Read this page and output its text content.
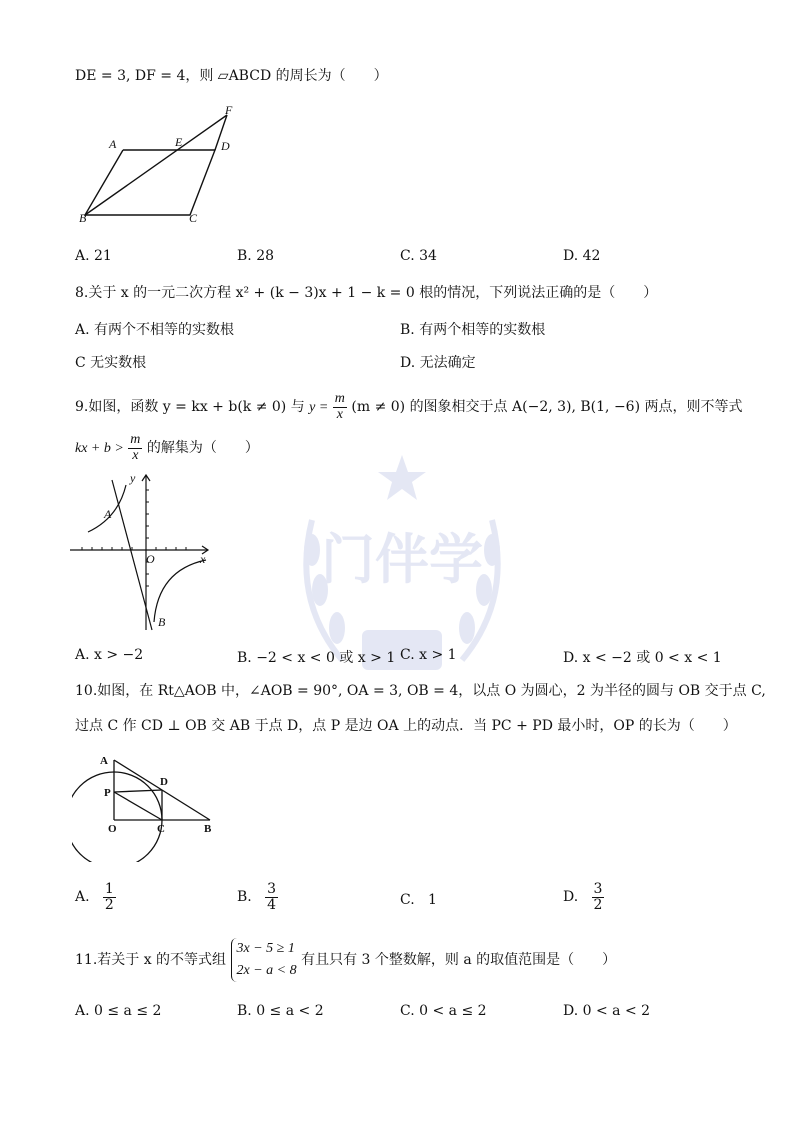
门伴学
DE = 3, DF = 4，则 ▱ABCD 的周长为（　　）
A	E
F
D
B	C
A. 21	B. 28	C. 34	D. 42
8.关于 x 的一元二次方程 x² + (k − 3)x + 1 − k = 0 根的情况，下列说法正确的是（　　）
A. 有两个不相等的实数根	B. 有两个相等的实数根
C 无实数根	D. 无法确定
9.如图，函数 y = kx + b(k ≠ 0) 与 $y = \frac{m}{x} (m \ne 0)$ 的图象相交于点 A(−2, 3), B(1, −6) 两点，则不等式
kx + $b > \frac{m}{x}$ 的解集为（　　）
y
A
O	x
B
A. x > −2	B. −2 < x < 0 或 x > 1 C. x > 1	D. x < −2 或 0 < x < 1
10.如图，在 Rt△AOB 中，∠AOB = 90°, OA = 3, OB = 4，以点 O 为圆心，2 为半径的圆与 OB 交于点 C,
过点 C 作 CD ⊥ OB 交 AB 于点 D，点 P 是边 OA 上的动点．当 PC + PD 最小时，OP 的长为（　　）
A
D
P
O	C	B
A. $\frac{1}{2}$	B. $\frac{3}{4}$	C. 1	D. $\frac{3}{2}$
11.若关于 x 的不等式组
3x − 5 ≥ 1
2x − a < 8
有且只有 3 个整数解，则 a 的取值范围是（　　）
A. 0 ≤ a ≤ 2	B. 0 ≤ a < 2	C. 0 < a ≤ 2	D. 0 < a < 2
